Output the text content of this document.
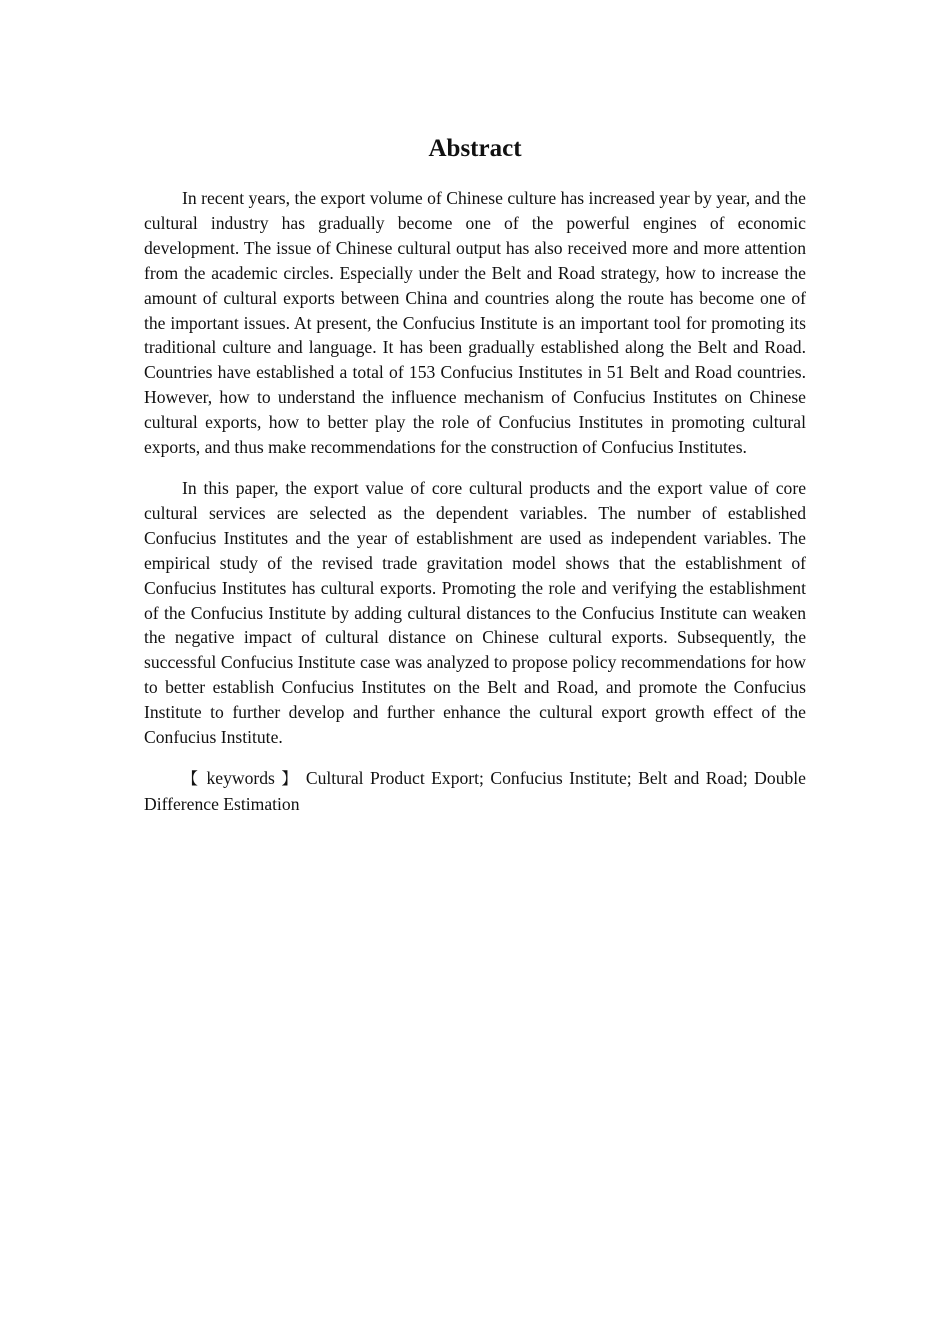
Abstract

In recent years, the export volume of Chinese culture has increased year by year, and the cultural industry has gradually become one of the powerful engines of economic development. The issue of Chinese cultural output has also received more and more attention from the academic circles. Especially under the Belt and Road strategy, how to increase the amount of cultural exports between China and countries along the route has become one of the important issues. At present, the Confucius Institute is an important tool for promoting its traditional culture and language. It has been gradually established along the Belt and Road. Countries have established a total of 153 Confucius Institutes in 51 Belt and Road countries. However, how to understand the influence mechanism of Confucius Institutes on Chinese cultural exports, how to better play the role of Confucius Institutes in promoting cultural exports, and thus make recommendations for the construction of Confucius Institutes.

In this paper, the export value of core cultural products and the export value of core cultural services are selected as the dependent variables. The number of established Confucius Institutes and the year of establishment are used as independent variables. The empirical study of the revised trade gravitation model shows that the establishment of Confucius Institutes has cultural exports. Promoting the role and verifying the establishment of the Confucius Institute by adding cultural distances to the Confucius Institute can weaken the negative impact of cultural distance on Chinese cultural exports. Subsequently, the successful Confucius Institute case was analyzed to propose policy recommendations for how to better establish Confucius Institutes on the Belt and Road, and promote the Confucius Institute to further develop and further enhance the cultural export growth effect of the Confucius Institute.

【 keywords 】 Cultural Product Export; Confucius Institute; Belt and Road; Double Difference Estimation
